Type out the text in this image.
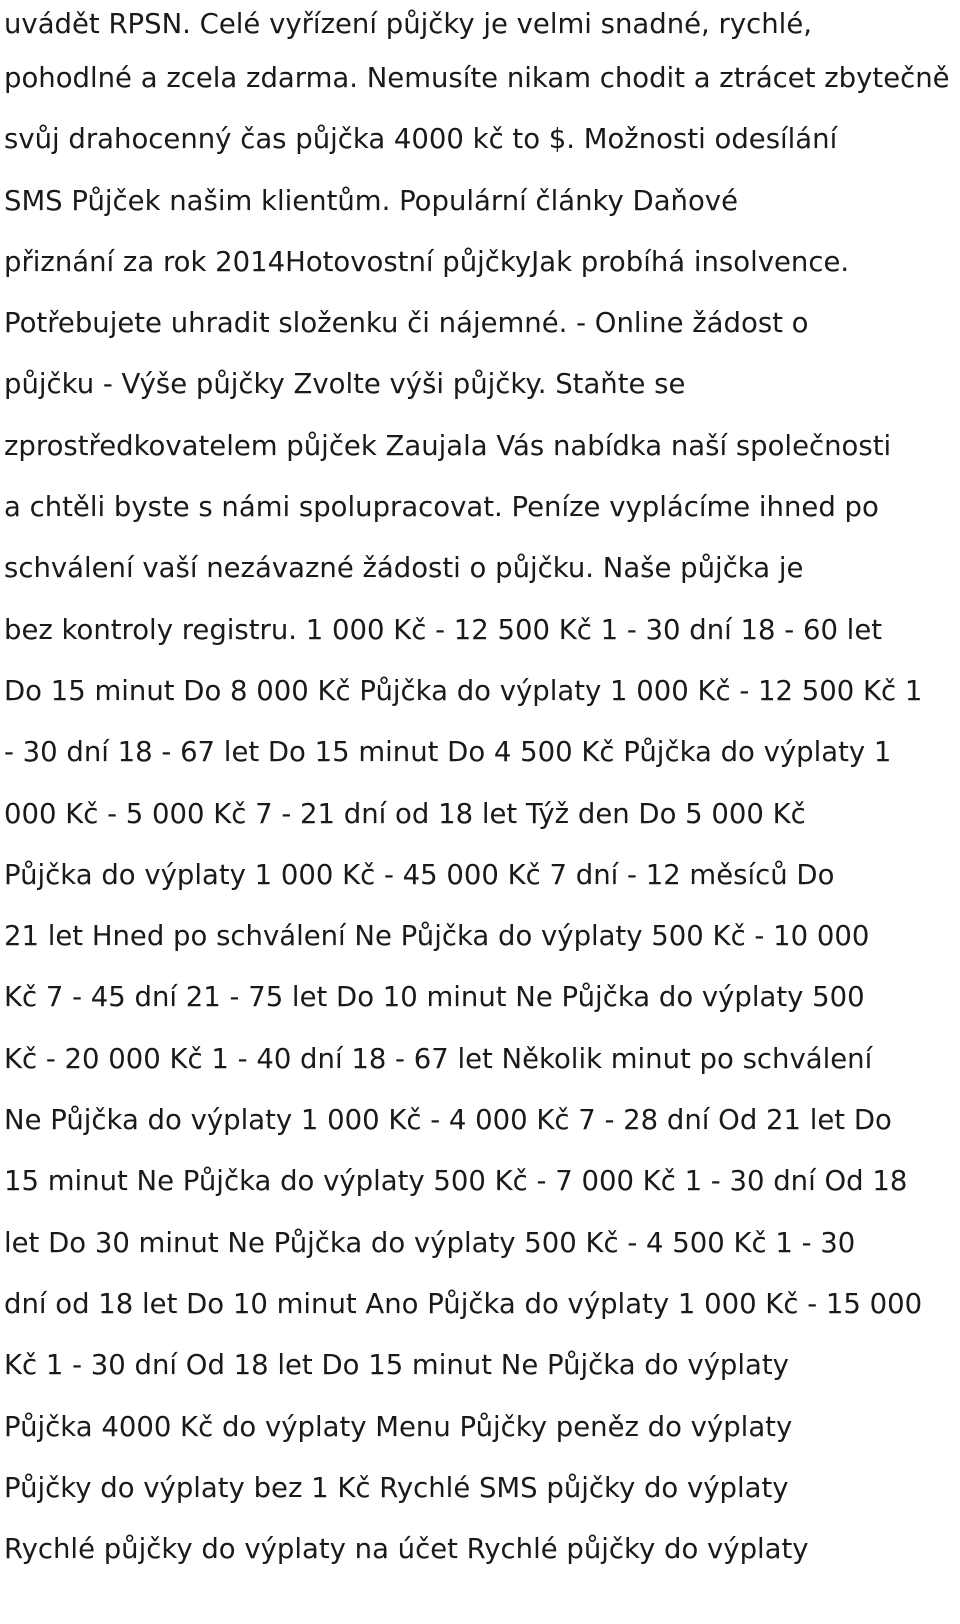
uvádět RPSN. Celé vyřízení půjčky je velmi snadné, rychlé,
pohodlné a zcela zdarma. Nemusíte nikam chodit a ztrácet zbytečně
svůj drahocenný čas půjčka 4000 kč to $. Možnosti odesílání
SMS Půjček našim klientům. Populární články Daňové
přiznání za rok 2014Hotovostní půjčkyJak probíhá insolvence.
Potřebujete uhradit složenku či nájemné. - Online žádost o
půjčku - Výše půjčky Zvolte výši půjčky. Staňte se
zprostředkovatelem půjček Zaujala Vás nabídka naší společnosti
a chtěli byste s námi spolupracovat. Peníze vyplácíme ihned po
schválení vaší nezávazné žádosti o půjčku. Naše půjčka je
bez kontroly registru. 1 000 Kč - 12 500 Kč 1 - 30 dní 18 - 60 let
Do 15 minut Do 8 000 Kč Půjčka do výplaty 1 000 Kč - 12 500 Kč 1
- 30 dní 18 - 67 let Do 15 minut Do 4 500 Kč Půjčka do výplaty 1
000 Kč - 5 000 Kč 7 - 21 dní od 18 let Týž den Do 5 000 Kč
Půjčka do výplaty 1 000 Kč - 45 000 Kč 7 dní - 12 měsíců Do
21 let Hned po schválení Ne Půjčka do výplaty 500 Kč - 10 000
Kč 7 - 45 dní 21 - 75 let Do 10 minut Ne Půjčka do výplaty 500
Kč - 20 000 Kč 1 - 40 dní 18 - 67 let Několik minut po schválení
Ne Půjčka do výplaty 1 000 Kč - 4 000 Kč 7 - 28 dní Od 21 let Do
15 minut Ne Půjčka do výplaty 500 Kč - 7 000 Kč 1 - 30 dní Od 18
let Do 30 minut Ne Půjčka do výplaty 500 Kč - 4 500 Kč 1 - 30
dní od 18 let Do 10 minut Ano Půjčka do výplaty 1 000 Kč - 15 000
Kč 1 - 30 dní Od 18 let Do 15 minut Ne Půjčka do výplaty
Půjčka 4000 Kč do výplaty Menu Půjčky peněz do výplaty
Půjčky do výplaty bez 1 Kč Rychlé SMS půjčky do výplaty
Rychlé půjčky do výplaty na účet Rychlé půjčky do výplaty
